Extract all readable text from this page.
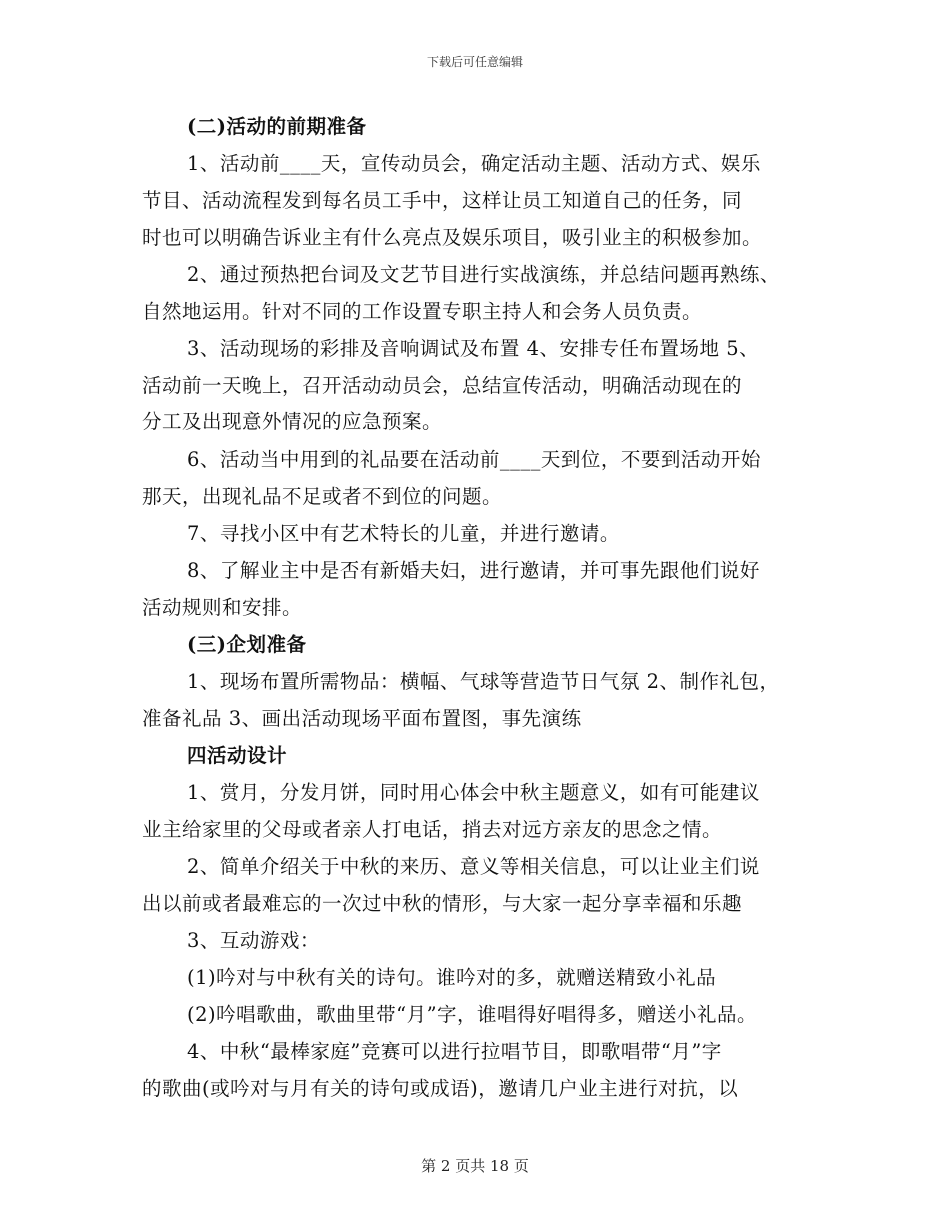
下载后可任意编辑
(二)活动的前期准备
1、活动前____天，宣传动员会，确定活动主题、活动方式、娱乐
节目、活动流程发到每名员工手中，这样让员工知道自己的任务，同
时也可以明确告诉业主有什么亮点及娱乐项目，吸引业主的积极参加。
2、通过预热把台词及文艺节目进行实战演练，并总结问题再熟练、
自然地运用。针对不同的工作设置专职主持人和会务人员负责。
3、活动现场的彩排及音响调试及布置 4、安排专任布置场地 5、
活动前一天晚上，召开活动动员会，总结宣传活动，明确活动现在的
分工及出现意外情况的应急预案。
6、活动当中用到的礼品要在活动前____天到位，不要到活动开始
那天，出现礼品不足或者不到位的问题。
7、寻找小区中有艺术特长的儿童，并进行邀请。
8、了解业主中是否有新婚夫妇，进行邀请，并可事先跟他们说好
活动规则和安排。
(三)企划准备
1、现场布置所需物品：横幅、气球等营造节日气氛 2、制作礼包，
准备礼品 3、画出活动现场平面布置图，事先演练
四活动设计
1、赏月，分发月饼，同时用心体会中秋主题意义，如有可能建议
业主给家里的父母或者亲人打电话，捎去对远方亲友的思念之情。
2、简单介绍关于中秋的来历、意义等相关信息，可以让业主们说
出以前或者最难忘的一次过中秋的情形，与大家一起分享幸福和乐趣
3、互动游戏：
(1)吟对与中秋有关的诗句。谁吟对的多，就赠送精致小礼品
(2)吟唱歌曲，歌曲里带“月”字，谁唱得好唱得多，赠送小礼品。
4、中秋“最棒家庭”竞赛可以进行拉唱节目，即歌唱带“月”字
的歌曲(或吟对与月有关的诗句或成语)，邀请几户业主进行对抗，以
第 2 页共 18 页
